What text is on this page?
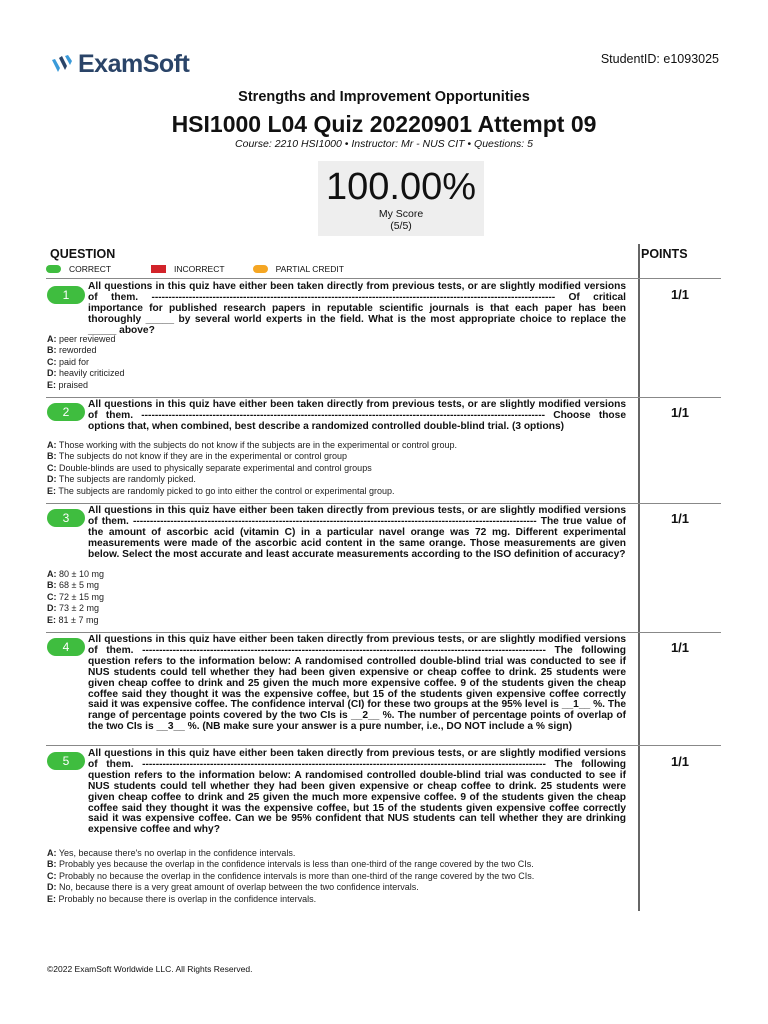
ExamSoft	StudentID: e1093025
Strengths and Improvement Opportunities
HSI1000 L04 Quiz 20220901 Attempt 09
Course: 2210 HSI1000 • Instructor: Mr - NUS CIT • Questions: 5
100.00%
My Score
(5/5)
QUESTION	POINTS
CORRECT	INCORRECT	PARTIAL CREDIT
1

All questions in this quiz have either been taken directly from previous tests, or are slightly modified versions of them. ----------------------------------------------------------------------------------------------------------------------- Of critical importance for published research papers in reputable scientific journals is that each paper has been thoroughly _____ by several world experts in the field. What is the most appropriate choice to replace the _____ above?

A: peer reviewed
B: reworded
C: paid for
D: heavily criticized
E: praised
1/1
2

All questions in this quiz have either been taken directly from previous tests, or are slightly modified versions of them. ----------------------------------------------------------------------------------------------------------------------- Choose those options that, when combined, best describe a randomized controlled double-blind trial. (3 options)

A: Those working with the subjects do not know if the subjects are in the experimental or control group.
B: The subjects do not know if they are in the experimental or control group
C: Double-blinds are used to physically separate experimental and control groups
D: The subjects are randomly picked.
E: The subjects are randomly picked to go into either the control or experimental group.
1/1
3

All questions in this quiz have either been taken directly from previous tests, or are slightly modified versions of them. ----------------------------------------------------------------------------------------------------------------------- The true value of the amount of ascorbic acid (vitamin C) in a particular navel orange was 72 mg. Different experimental measurements were made of the ascorbic acid content in the same orange. Those measurements are given below. Select the most accurate and least accurate measurements according to the ISO definition of accuracy?

A: 80 ± 10 mg
B: 68 ± 5 mg
C: 72 ± 15 mg
D: 73 ± 2 mg
E: 81 ± 7 mg
1/1
4

All questions in this quiz have either been taken directly from previous tests, or are slightly modified versions of them. ----------------------------------------------------------------------------------------------------------------------- The following question refers to the information below: A randomised controlled double-blind trial was conducted to see if NUS students could tell whether they had been given expensive or cheap coffee to drink. 25 students were given cheap coffee to drink and 25 given the much more expensive coffee. 9 of the students given the cheap coffee said they thought it was the expensive coffee, but 15 of the students given expensive coffee correctly said it was expensive coffee. The confidence interval (CI) for these two groups at the 95% level is __1__ %. The range of percentage points covered by the two CIs is __2__ %. The number of percentage points of overlap of the two CIs is __3__ %. (NB make sure your answer is a pure number, i.e., DO NOT include a % sign)

1/1
5

All questions in this quiz have either been taken directly from previous tests, or are slightly modified versions of them. ----------------------------------------------------------------------------------------------------------------------- The following question refers to the information below: A randomised controlled double-blind trial was conducted to see if NUS students could tell whether they had been given expensive or cheap coffee to drink. 25 students were given cheap coffee to drink and 25 given the much more expensive coffee. 9 of the students given the cheap coffee said they thought it was the expensive coffee, but 15 of the students given expensive coffee correctly said it was expensive coffee. Can we be 95% confident that NUS students can tell whether they are drinking expensive coffee and why?

A: Yes, because there's no overlap in the confidence intervals.
B: Probably yes because the overlap in the confidence intervals is less than one-third of the range covered by the two CIs.
C: Probably no because the overlap in the confidence intervals is more than one-third of the range covered by the two CIs.
D: No, because there is a very great amount of overlap between the two confidence intervals.
E: Probably no because there is overlap in the confidence intervals.
1/1
©2022 ExamSoft Worldwide LLC. All Rights Reserved.
